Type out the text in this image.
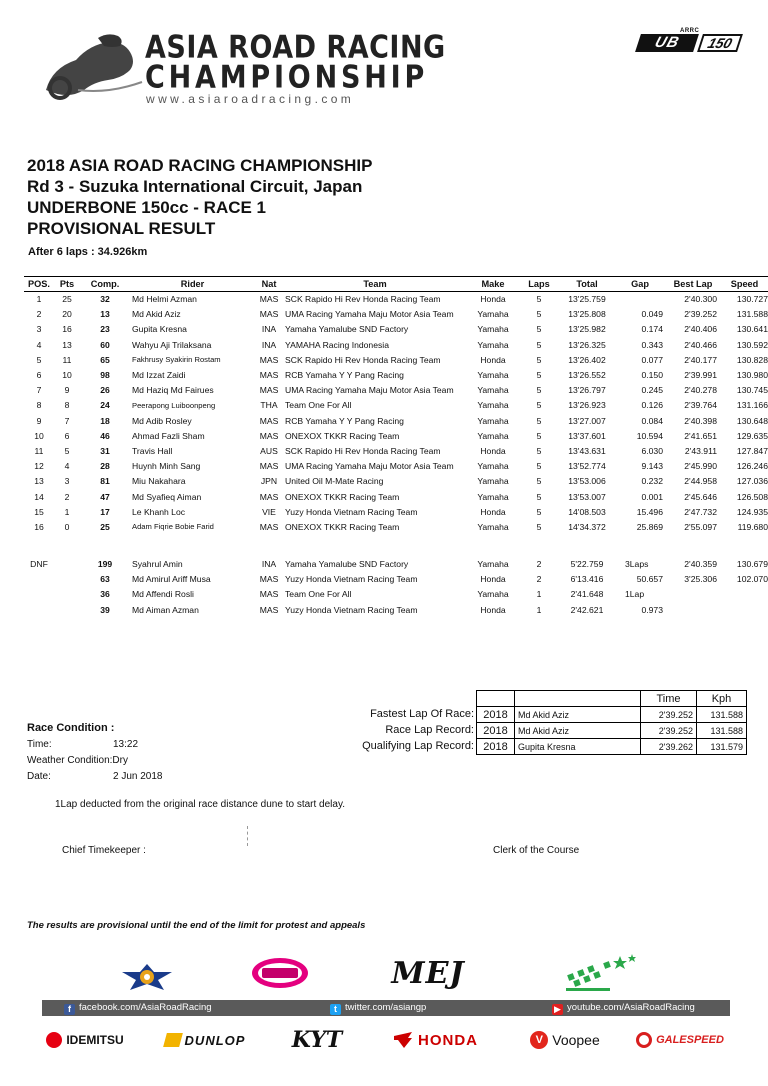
ASIA ROAD RACING
CHAMPIONSHIP
www.asiaroadracing.com
ARRC
UB	150
2018 ASIA ROAD RACING CHAMPIONSHIP
Rd 3 - Suzuka International Circuit, Japan
UNDERBONE 150cc - RACE 1
PROVISIONAL RESULT
After 6 laps : 34.926km
POS.	Pts	Comp.	Rider	Nat	Team	Make	Laps	Total	Gap	Best Lap	Speed
1	25	32	Md Helmi Azman	MAS	SCK Rapido Hi Rev Honda Racing Team	Honda	5	13'25.759		2'40.300	130.727
2	20	13	Md Akid Aziz	MAS	UMA Racing Yamaha Maju Motor Asia Team	Yamaha	5	13'25.808	0.049	2'39.252	131.588
3	16	23	Gupita Kresna	INA	Yamaha Yamalube SND Factory	Yamaha	5	13'25.982	0.174	2'40.406	130.641
4	13	60	Wahyu Aji Trilaksana	INA	YAMAHA Racing Indonesia	Yamaha	5	13'26.325	0.343	2'40.466	130.592
5	11	65	Fakhrusy Syakirin Rostam	MAS	SCK Rapido Hi Rev Honda Racing Team	Honda	5	13'26.402	0.077	2'40.177	130.828
6	10	98	Md Izzat Zaidi	MAS	RCB Yamaha Y Y Pang Racing	Yamaha	5	13'26.552	0.150	2'39.991	130.980
7	9	26	Md Haziq Md Fairues	MAS	UMA Racing Yamaha Maju Motor Asia Team	Yamaha	5	13'26.797	0.245	2'40.278	130.745
8	8	24	Peerapong Luiboonpeng	THA	Team One For All	Yamaha	5	13'26.923	0.126	2'39.764	131.166
9	7	18	Md Adib Rosley	MAS	RCB Yamaha Y Y Pang Racing	Yamaha	5	13'27.007	0.084	2'40.398	130.648
10	6	46	Ahmad Fazli Sham	MAS	ONEXOX TKKR Racing Team	Yamaha	5	13'37.601	10.594	2'41.651	129.635
11	5	31	Travis Hall	AUS	SCK Rapido Hi Rev Honda Racing Team	Honda	5	13'43.631	6.030	2'43.911	127.847
12	4	28	Huynh Minh Sang	MAS	UMA Racing Yamaha Maju Motor Asia Team	Yamaha	5	13'52.774	9.143	2'45.990	126.246
13	3	81	Miu Nakahara	JPN	United Oil M-Mate Racing	Yamaha	5	13'53.006	0.232	2'44.958	127.036
14	2	47	Md Syafieq Aiman	MAS	ONEXOX TKKR Racing Team	Yamaha	5	13'53.007	0.001	2'45.646	126.508
15	1	17	Le Khanh Loc	VIE	Yuzy Honda Vietnam Racing Team	Honda	5	14'08.503	15.496	2'47.732	124.935
16	0	25	Adam Fiqrie Bobie Farid	MAS	ONEXOX TKKR Racing Team	Yamaha	5	14'34.372	25.869	2'55.097	119.680

DNF		199	Syahrul Amin	INA	Yamaha Yamalube SND Factory	Yamaha	2	5'22.759	3Laps	2'40.359	130.679
		63	Md Amirul Ariff Musa	MAS	Yuzy Honda Vietnam Racing Team	Honda	2	6'13.416	50.657	3'25.306	102.070
		36	Md Affendi Rosli	MAS	Team One For All	Yamaha	1	2'41.648	1Lap		
		39	Md Aiman Azman	MAS	Yuzy Honda Vietnam Racing Team	Honda	1	2'42.621	0.973		
Fastest Lap Of Race:
Race Lap Record:
Qualifying Lap Record:
		Time	Kph
2018	Md Akid Aziz	2'39.252	131.588
2018	Md Akid Aziz	2'39.252	131.588
2018	Gupita Kresna	2'39.262	131.579
Race Condition :
Time:	13:22
Weather Condition:Dry
Date:	2 Jun 2018
1Lap deducted from the original race distance dune to start delay.
Chief Timekeeper :	Clerk of the Course
The results are provisional until the end of the limit for protest and appeals
MEJ
f facebook.com/AsiaRoadRacing	t twitter.com/asiangp	▶ youtube.com/AsiaRoadRacing
IDEMITSU	DUNLOP KYT	HONDA	V Voopee	GALESPEED
